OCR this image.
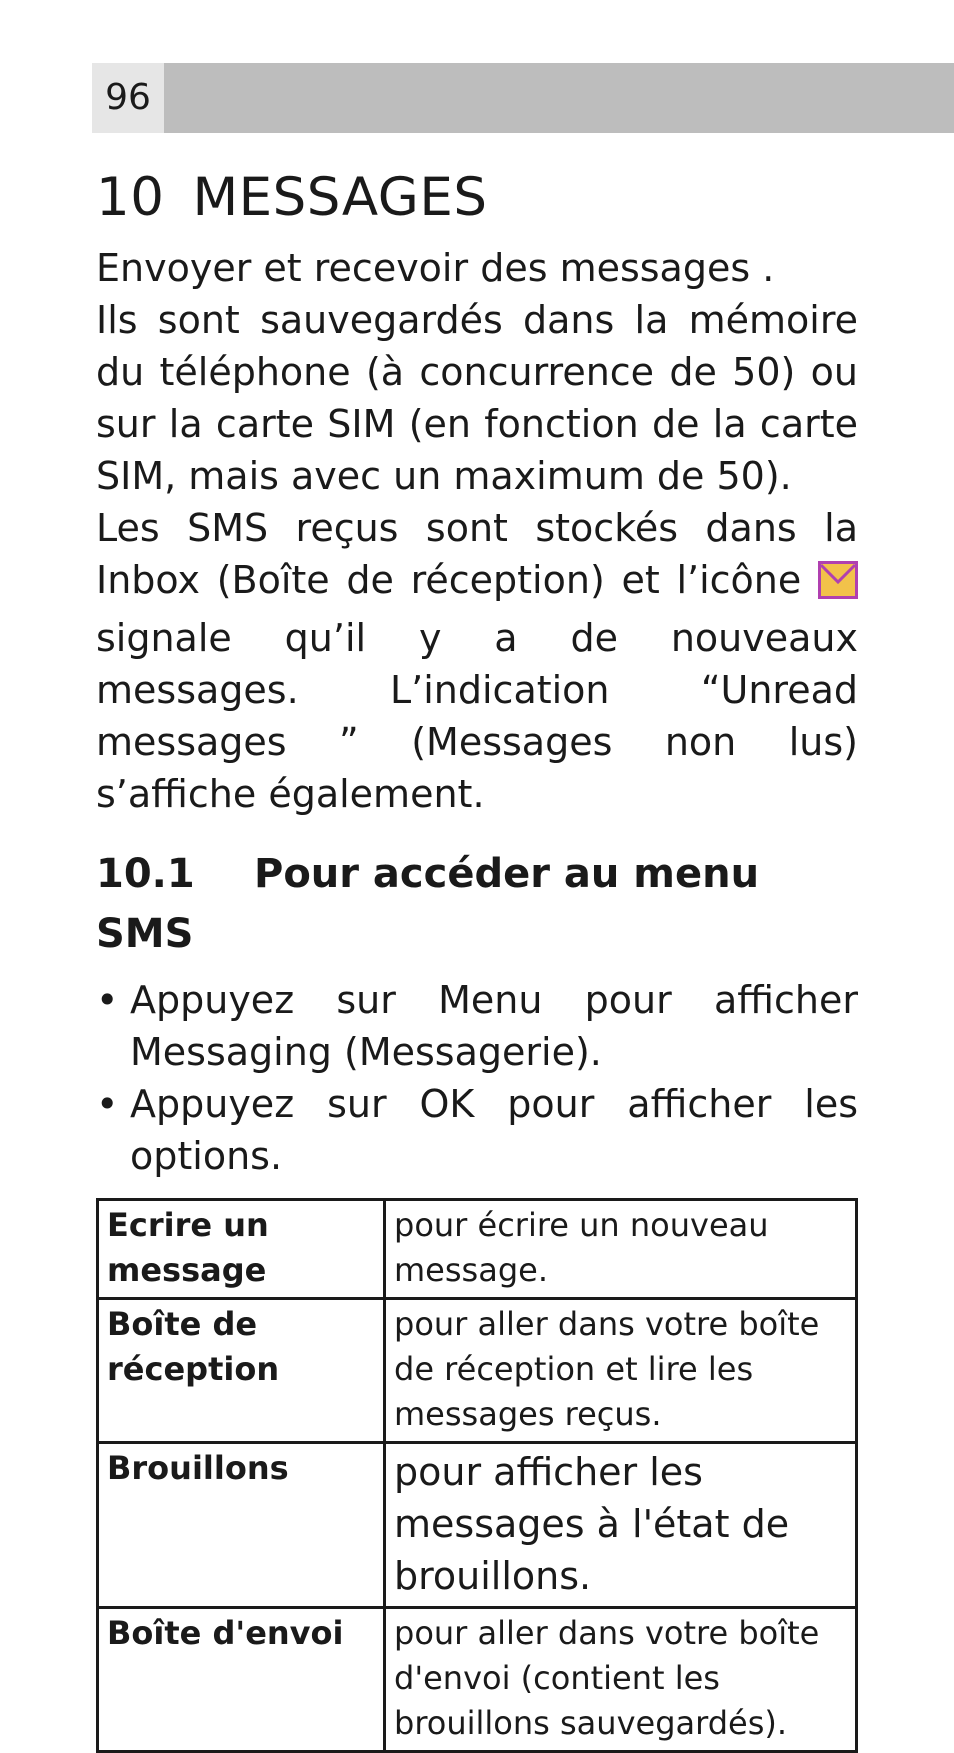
96
10 MESSAGES

Envoyer et recevoir des messages .

Ils sont sauvegardés dans la mémoire du téléphone (à concurrence de 50) ou sur la carte SIM (en fonction de la carte SIM, mais avec un maximum de 50).

Les SMS reçus sont stockés dans la Inbox (Boîte de réception) et l’icône

signale qu’il y a de nouveaux messages. L’indication “Unread messages ” (Messages non lus) s’affiche également.

10.1 Pour accéder au menu SMS
• Appuyez sur Menu pour afficher Messaging (Messagerie).
• Appuyez sur OK pour afficher les options.
Ecrire un message	pour écrire un nouveau message.
Boîte de réception	pour aller dans votre boîte de réception et lire les messages reçus.
Brouillons	pour afficher les messages à l'état de brouillons.
Boîte d'envoi	pour aller dans votre boîte d'envoi (contient les brouillons sauvegardés).
